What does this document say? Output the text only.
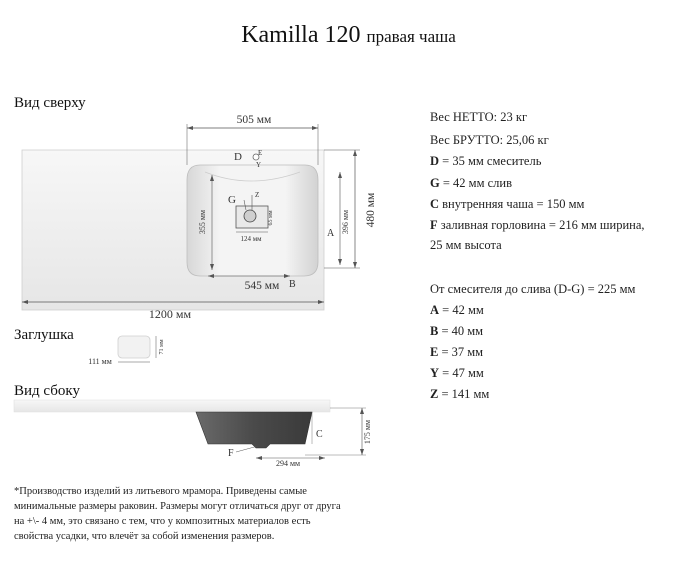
Kamilla 120 правая чаша
Вид сверху
Заглушка
Вид сбоку
505 мм
1200 мм
480 мм
396 мм
355 мм
124 мм
65 мм
545 мм
D E
Y
G	Z
A
B
111 мм
71 мм
175 мм
C
294 мм
F
Вес НЕТТО: 23 кг
Вес БРУТТО: 25,06 кг
D = 35 мм смеситель
G = 42 мм слив
C внутренняя чаша = 150 мм
F заливная горловина = 216 мм ширина,
25 мм высота
От смесителя до слива (D-G) = 225 мм
A = 42 мм
B = 40 мм
E = 37 мм
Y = 47 мм
Z = 141 мм
*Производство изделий из литьевого мрамора. Приведены самые
минимальные размеры раковин. Размеры могут отличаться друг от друга
на +\- 4 мм, это связано с тем, что у композитных материалов есть
свойства усадки, что влечёт за собой изменения размеров.
